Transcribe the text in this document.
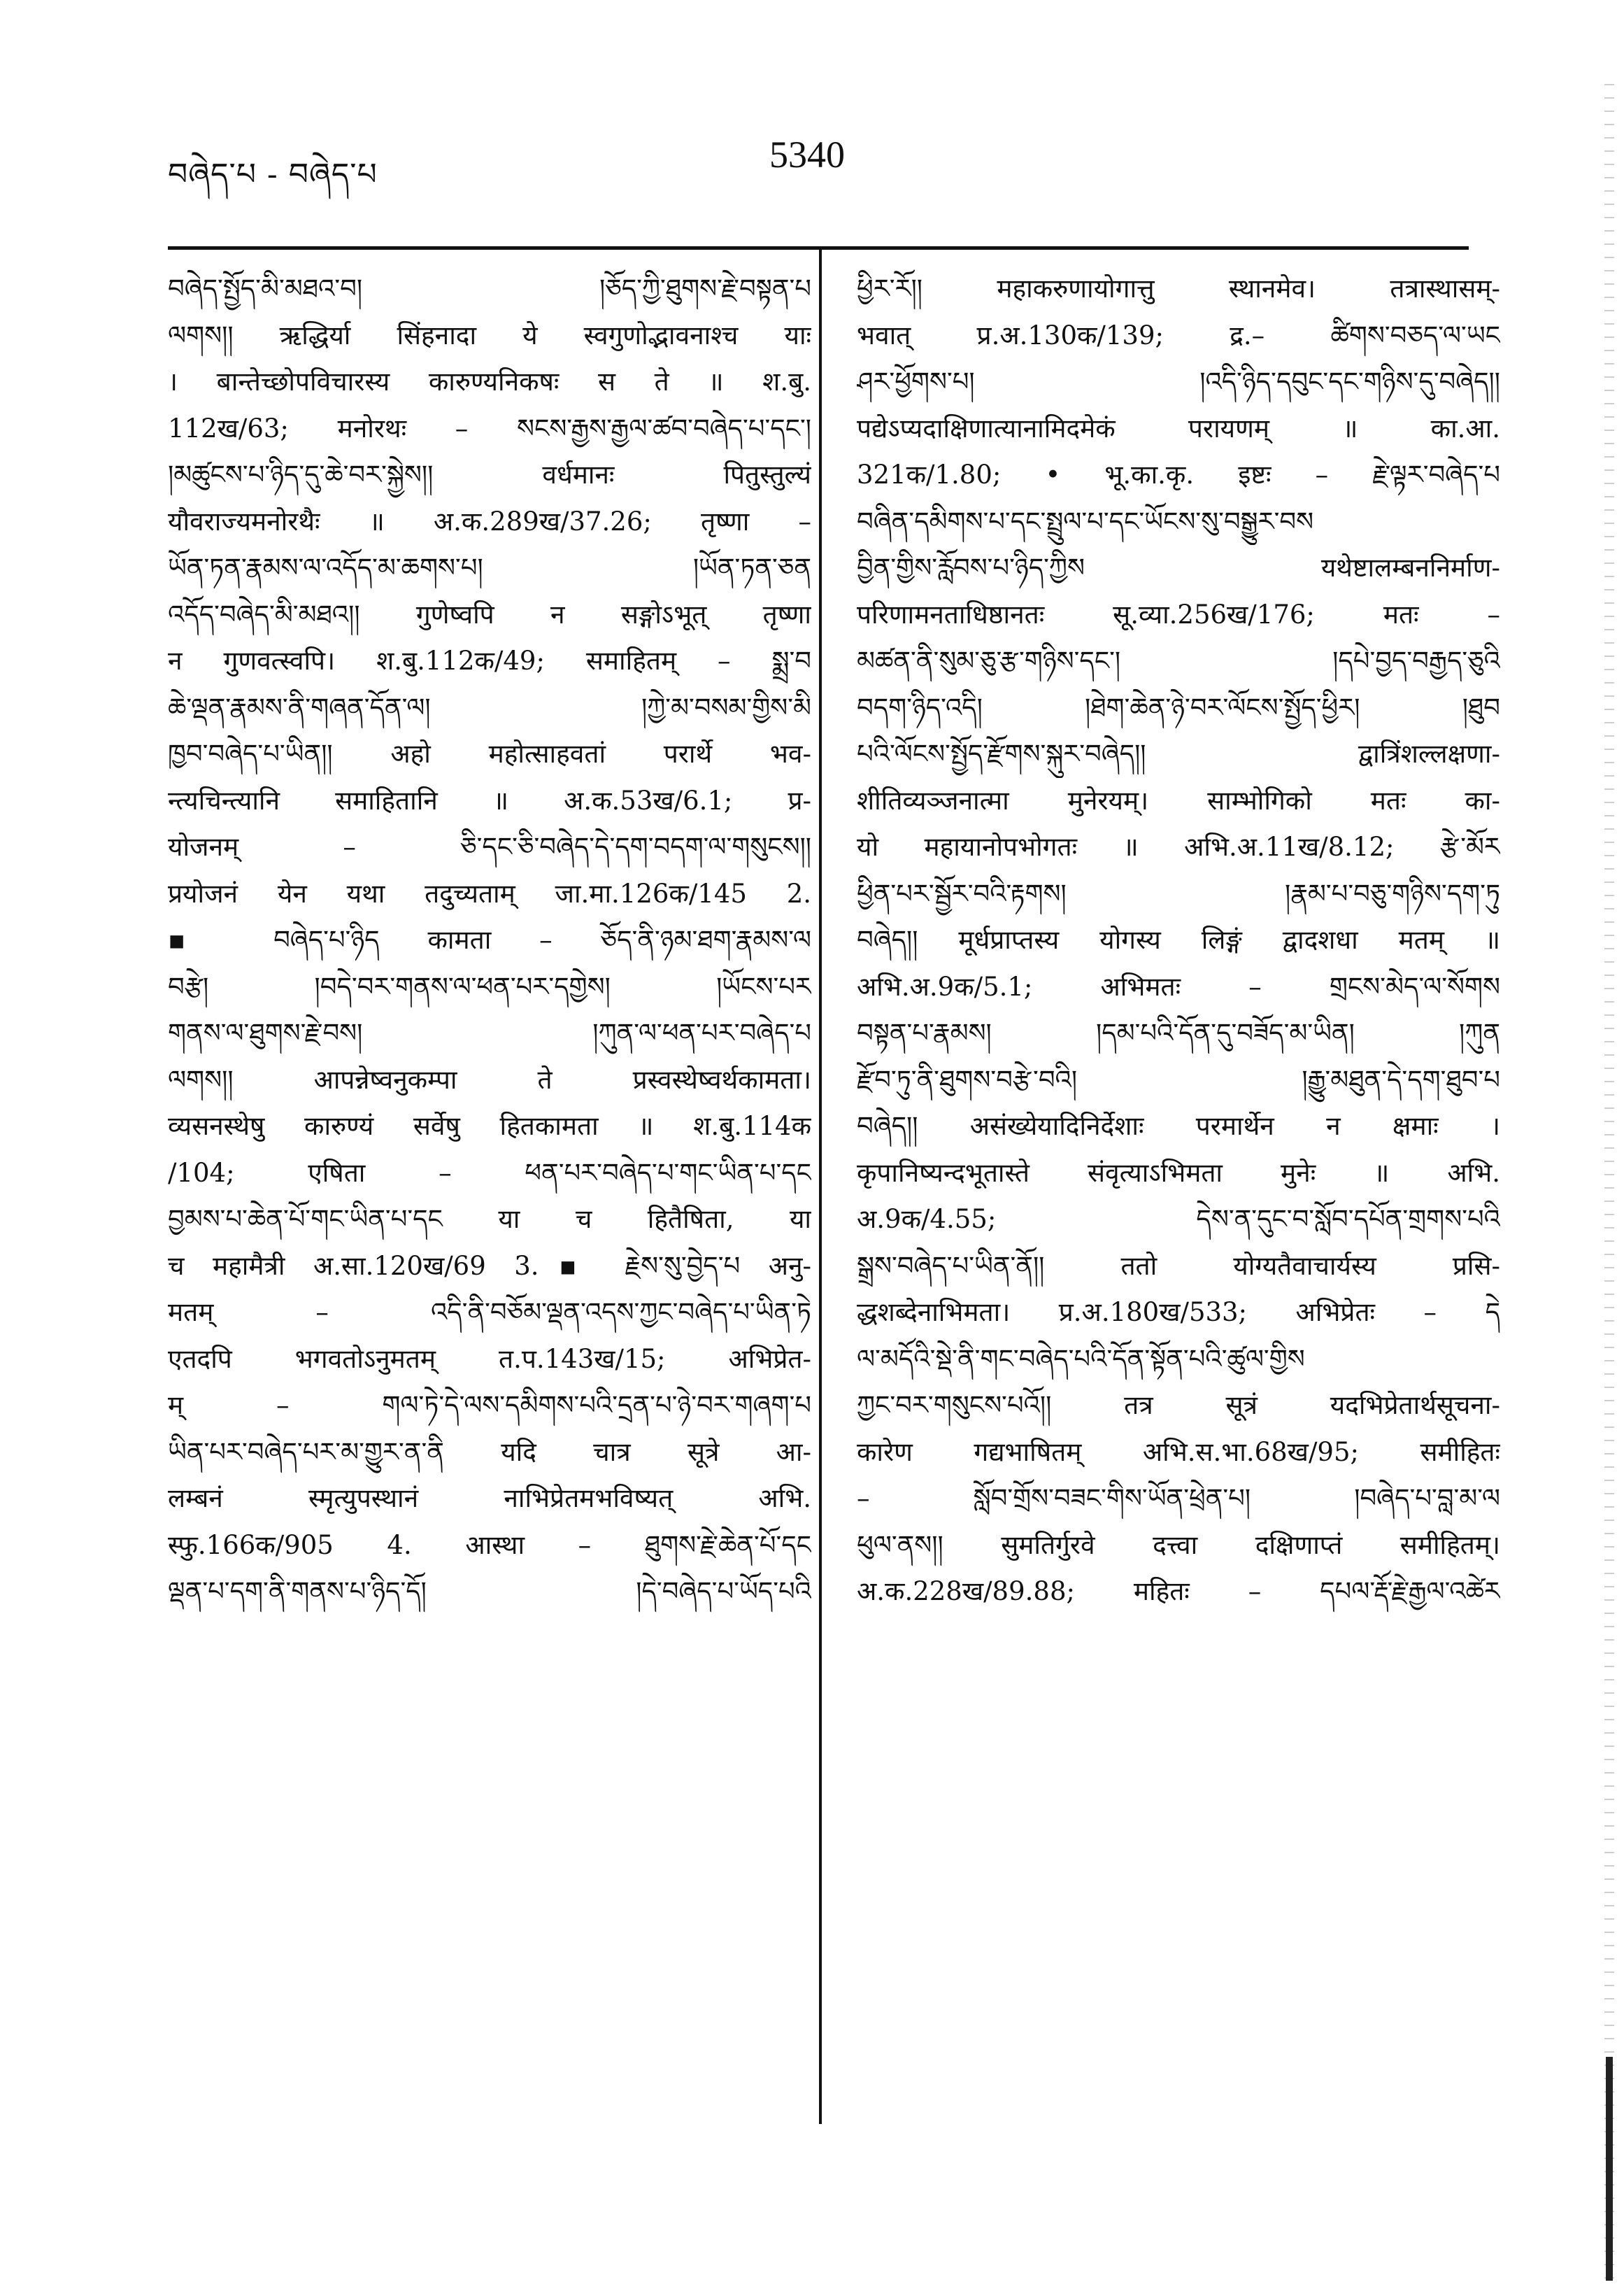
བཞེད་པ - བཞེད་པ	5340
བཞེད་སྤྱོད་མི་མཐའ་བ། །ཅོད་ཀྱི་ཐུགས་རྗེ་བསྟན་པ
ལགས།། ऋद्धिर्या सिंहनादा ये स्वगुणोद्भावनाश्च याः
। बान्तेच्छोपविचारस्य कारुण्यनिकषः स ते ॥ श.बु.
112ख/63; मनोरथः – སངས་རྒྱས་རྒྱལ་ཚབ་བཞེད་པ་དང་།
།མཚུངས་པ་ཉིད་དུ་ཆེ་བར་སྐྱེས།། वर्धमानः पितुस्तुल्यं
यौवराज्यमनोरथैः ॥ अ.क.289ख/37.26; तृष्णा –
ཡོན་ཏན་རྣམས་ལ་འདོད་མ་ཆགས་པ། །ཡོན་ཏན་ཅན
འདོད་བཞེད་མི་མཐའ།། गुणेष्वपि न सङ्गोऽभूत् तृष्णा
न गुणवत्स्वपि। श.बु.112क/49; समाहितम् – སྨྲ་བ
ཆེ་ལྡན་རྣམས་ནི་གཞན་དོན་ལ། །ཀྱེ་མ་བསམ་གྱིས་མི
ཁྱབ་བཞེད་པ་ཡིན།། अहो महोत्साहवतां परार्थे भव-
न्त्यचिन्त्यानि समाहितानि ॥ अ.क.53ख/6.1; प्र-
योजनम् – ཅི་དང་ཅི་བཞེད་དེ་དག་བདག་ལ་གསུངས།།
प्रयोजनं येन यथा तदुच्यताम् जा.मा.126क/145 2.
▪ བཞེད་པ་ཉིད कामता – ཅོད་ནི་ཉམ་ཐག་རྣམས་ལ
བརྩེ། །བདེ་བར་གནས་ལ་ཕན་པར་དགྱེས། །ཡོངས་པར
གནས་ལ་ཐུགས་རྗེ་བས། །ཀུན་ལ་ཕན་པར་བཞེད་པ
ལགས།། आपन्नेष्वनुकम्पा ते प्रस्वस्थेष्वर्थकामता।
व्यसनस्थेषु कारुण्यं सर्वेषु हितकामता ॥ श.बु.114क
/104; एषिता – ཕན་པར་བཞེད་པ་གང་ཡིན་པ་དང
བྱམས་པ་ཆེན་པོ་གང་ཡིན་པ་དང या च हितैषिता, या
च महामैत्री अ.सा.120ख/69 3.▪ རྗེས་སུ་བྱེད་པ अनु-
मतम् – འདི་ནི་བཅོམ་ལྡན་འདས་ཀྱང་བཞེད་པ་ཡིན་ཏེ
एतदपि भगवतोऽनुमतम् त.प.143ख/15; अभिप्रेत-
म् – གལ་ཏེ་དེ་ལས་དམིགས་པའི་དྲན་པ་ཉེ་བར་གཞག་པ
ཡིན་པར་བཞེད་པར་མ་གྱུར་ན་ནི यदि चात्र सूत्रे आ-
लम्बनं स्मृत्युपस्थानं नाभिप्रेतमभविष्यत् अभि.
स्फु.166क/905 4. आस्था – ཐུགས་རྗེ་ཆེན་པོ་དང
ལྡན་པ་དག་ནི་གནས་པ་ཉིད་དོ། །དེ་བཞེད་པ་ཡོད་པའི
ཕྱིར་རོ།། महाकरुणायोगात्तु स्थानमेव। तत्रास्थासम्-
भवात् प्र.अ.130क/139; द्र.– ཚིགས་བཅད་ལ་ཡང
ཤར་ཕྱོགས་པ། །འདི་ཉིད་དབུང་དང་གཉིས་དུ་བཞེད།།
पद्येऽप्यदाक्षिणात्यानामिदमेकं परायणम् ॥ का.आ.
321क/1.80; • भू.का.कृ. इष्टः – རྗེ་ལྟར་བཞེད་པ
བཞིན་དམིགས་པ་དང་སྤྲུལ་པ་དང་ཡོངས་སུ་བསྒྱུར་བས
བྱིན་གྱིས་རློབས་པ་ཉིད་ཀྱིས यथेष्टालम्बननिर्माण-
परिणामनताधिष्ठानतः सू.व्या.256ख/176; मतः –
མཚན་ནི་སུམ་ཅུ་རྩ་གཉིས་དང་། །དཔེ་བྱད་བརྒྱད་ཅུའི
བདག་ཉིད་འདི། །ཐེག་ཆེན་ཉེ་བར་ལོངས་སྤྱོད་ཕྱིར། །ཐུབ
པའི་ལོངས་སྤྱོད་རྫོགས་སྐུར་བཞེད།། द्वात्रिंशल्लक्षणा-
शीतिव्यञ्जनात्मा मुनेरयम्। साम्भोगिको मतः का-
यो महायानोपभोगतः ॥ अभि.अ.11ख/8.12; རྩེ་མོར
ཕྱིན་པར་སྦྱོར་བའི་རྟགས། །རྣམ་པ་བཅུ་གཉིས་དག་ཏུ
བཞེད།། मूर्धप्राप्तस्य योगस्य लिङ्गं द्वादशधा मतम् ॥
अभि.अ.9क/5.1; अभिमतः – གྲངས་མེད་ལ་སོགས
བསྟན་པ་རྣམས། །དམ་པའི་དོན་དུ་བཟོད་མ་ཡིན། །ཀུན
རྫོབ་ཏུ་ནི་ཐུགས་བརྩེ་བའི། །རྒྱུ་མཐུན་དེ་དག་ཐུབ་པ
བཞེད།། असंख्येयादिनिर्देशाः परमार्थेन न क्षमाः ।
कृपानिष्यन्दभूतास्ते संवृत्याऽभिमता मुनेः ॥ अभि.
अ.9क/4.55; དེས་ན་དུང་བ་སློབ་དཔོན་གྲགས་པའི
སྒྲས་བཞེད་པ་ཡིན་ནོ།། ततो योग्यतैवाचार्यस्य प्रसि-
द्धशब्देनाभिमता। प्र.अ.180ख/533; अभिप्रेतः – དེ
ལ་མདོའི་སྡེ་ནི་གང་བཞེད་པའི་དོན་སྟོན་པའི་ཚུལ་གྱིས
ཀྱང་བར་གསུངས་པའོ།། तत्र सूत्रं यदभिप्रेतार्थसूचना-
कारेण गद्यभाषितम् अभि.स.भा.68ख/95; समीहितः
– སློབ་གྲོས་བཟང་གིས་ཡོན་ཕྲེན་པ། །བཞེད་པ་བླ་མ་ལ
ཕུལ་ནས།། सुमतिर्गुरवे दत्त्वा दक्षिणाप्तं समीहितम्।
अ.क.228ख/89.88; महितः – དཔལ་རྡོ་རྗེ་རྒྱལ་འཚེར
